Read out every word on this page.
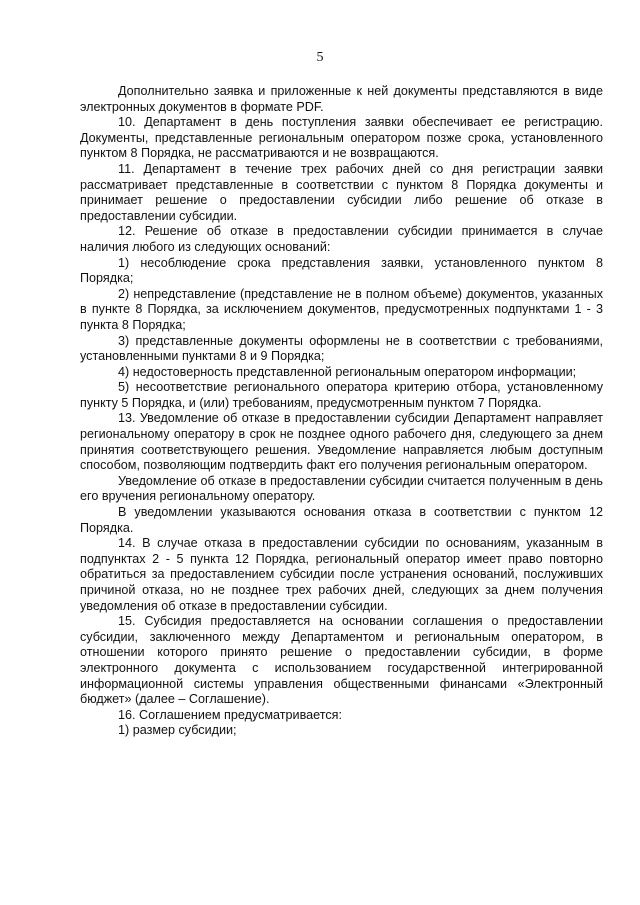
5

Дополнительно заявка и приложенные к ней документы представляются в виде электронных документов в формате PDF.

10. Департамент в день поступления заявки обеспечивает ее регистрацию. Документы, представленные региональным оператором позже срока, установленного пунктом 8 Порядка, не рассматриваются и не возвращаются.

11. Департамент в течение трех рабочих дней со дня регистрации заявки рассматривает представленные в соответствии с пунктом 8 Порядка документы и принимает решение о предоставлении субсидии либо решение об отказе в предоставлении субсидии.

12. Решение об отказе в предоставлении субсидии принимается в случае наличия любого из следующих оснований:

1) несоблюдение срока представления заявки, установленного пунктом 8 Порядка;

2) непредставление (представление не в полном объеме) документов, указанных в пункте 8 Порядка, за исключением документов, предусмотренных подпунктами 1 - 3 пункта 8 Порядка;

3) представленные документы оформлены не в соответствии с требованиями, установленными пунктами 8 и 9 Порядка;

4) недостоверность представленной региональным оператором информации;

5) несоответствие регионального оператора критерию отбора, установленному пункту 5 Порядка, и (или) требованиям, предусмотренным пунктом 7 Порядка.

13. Уведомление об отказе в предоставлении субсидии Департамент направляет региональному оператору в срок не позднее одного рабочего дня, следующего за днем принятия соответствующего решения. Уведомление направляется любым доступным способом, позволяющим подтвердить факт его получения региональным оператором.

Уведомление об отказе в предоставлении субсидии считается полученным в день его вручения региональному оператору.

В уведомлении указываются основания отказа в соответствии с пунктом 12 Порядка.

14. В случае отказа в предоставлении субсидии по основаниям, указанным в подпунктах 2 - 5 пункта 12 Порядка, региональный оператор имеет право повторно обратиться за предоставлением субсидии после устранения оснований, послуживших причиной отказа, но не позднее трех рабочих дней, следующих за днем получения уведомления об отказе в предоставлении субсидии.

15. Субсидия предоставляется на основании соглашения о предоставлении субсидии, заключенного между Департаментом и региональным оператором, в отношении которого принято решение о предоставлении субсидии, в форме электронного документа с использованием государственной интегрированной информационной системы управления общественными финансами «Электронный бюджет» (далее – Соглашение).

16. Соглашением предусматривается:

1) размер субсидии;
